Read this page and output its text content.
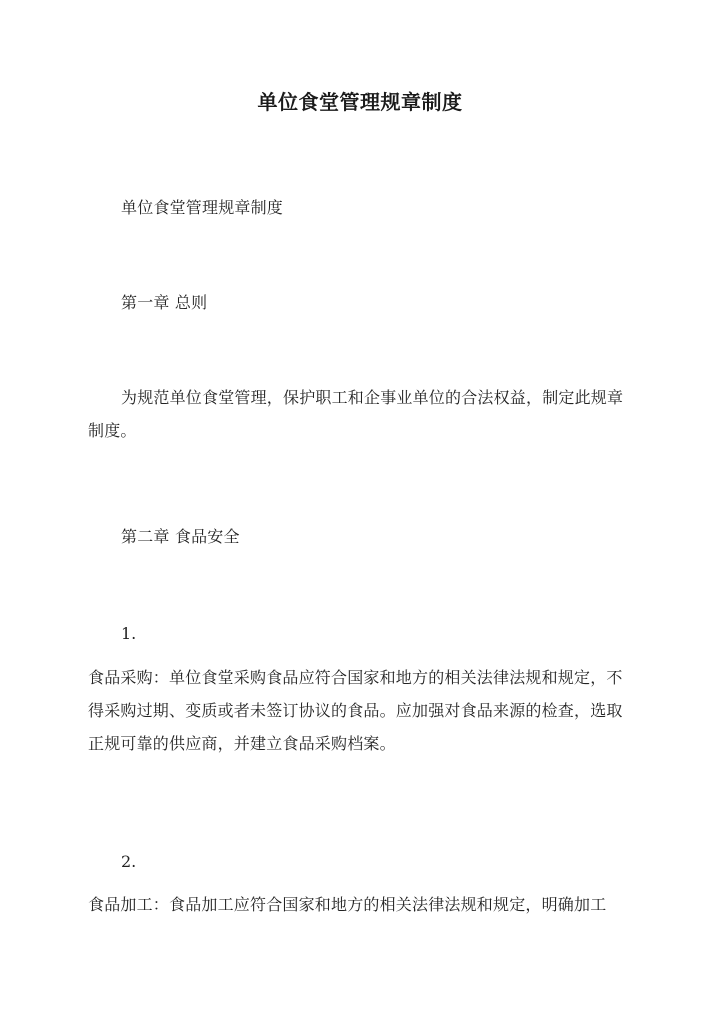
单位食堂管理规章制度
单位食堂管理规章制度
第一章 总则
为规范单位食堂管理，保护职工和企事业单位的合法权益，制定此规章制度。
第二章 食品安全
1.
食品采购：单位食堂采购食品应符合国家和地方的相关法律法规和规定，不得采购过期、变质或者未签订协议的食品。应加强对食品来源的检查，选取正规可靠的供应商，并建立食品采购档案。
2.
食品加工：食品加工应符合国家和地方的相关法律法规和规定，明确加工
